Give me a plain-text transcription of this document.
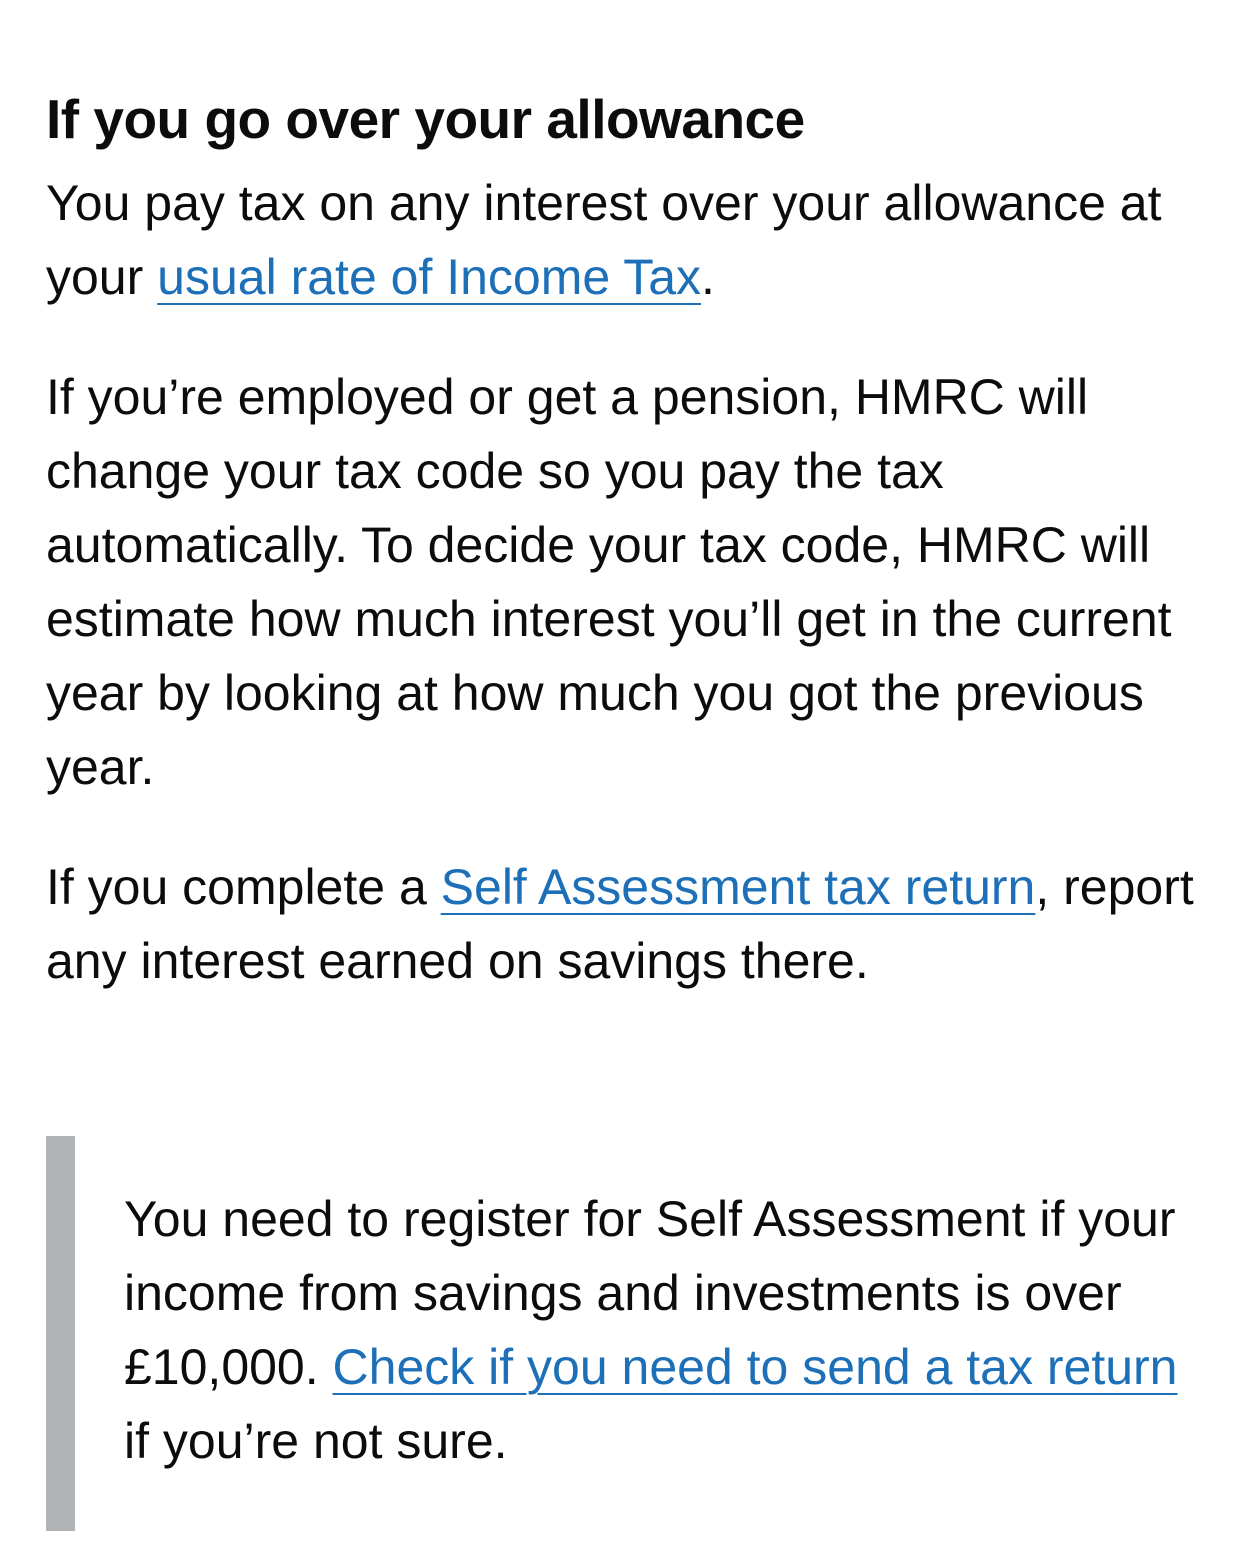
If you go over your allowance

You pay tax on any interest over your allowance at your usual rate of Income Tax.

If you’re employed or get a pension, HMRC will change your tax code so you pay the tax automatically. To decide your tax code, HMRC will estimate how much interest you’ll get in the current year by looking at how much you got the previous year.

If you complete a Self Assessment tax return, report any interest earned on savings there.

You need to register for Self Assessment if your income from savings and investments is over £10,000. Check if you need to send a tax return if you’re not sure.
